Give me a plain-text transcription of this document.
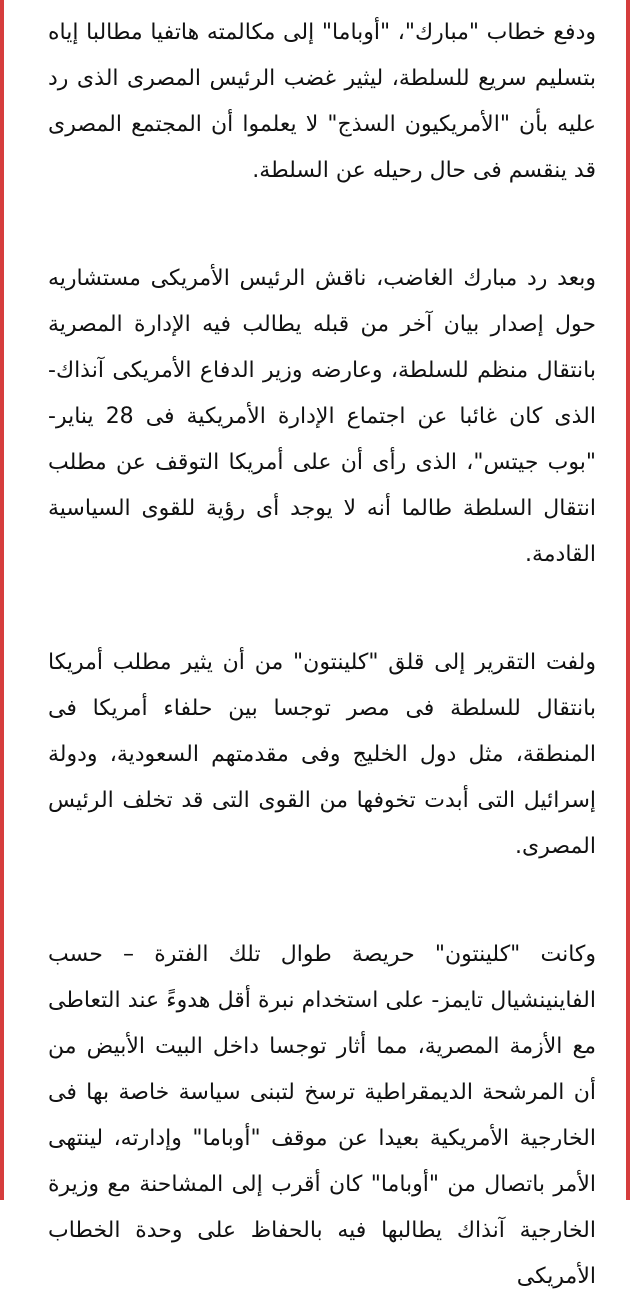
ودفع خطاب "مبارك"، "أوباما" إلى مكالمته هاتفيا مطالبا إياه بتسليم سريع للسلطة، ليثير غضب الرئيس المصرى الذى رد عليه بأن "الأمريكيون السذج" لا يعلموا أن المجتمع المصرى قد ينقسم فى حال رحيله عن السلطة.

وبعد رد مبارك الغاضب، ناقش الرئيس الأمريكى مستشاريه حول إصدار بيان آخر من قبله يطالب فيه الإدارة المصرية بانتقال منظم للسلطة، وعارضه وزير الدفاع الأمريكى آنذاك- الذى كان غائبا عن اجتماع الإدارة الأمريكية فى 28 يناير- "بوب جيتس"، الذى رأى أن على أمريكا التوقف عن مطلب انتقال السلطة طالما أنه لا يوجد أى رؤية للقوى السياسية القادمة.

ولفت التقرير إلى قلق "كلينتون" من أن يثير مطلب أمريكا بانتقال للسلطة فى مصر توجسا بين حلفاء أمريكا فى المنطقة، مثل دول الخليج وفى مقدمتهم السعودية، ودولة إسرائيل التى أبدت تخوفها من القوى التى قد تخلف الرئيس المصرى.

وكانت "كلينتون" حريصة طوال تلك الفترة – حسب الفاينينشيال تايمز- على استخدام نبرة أقل هدوءً عند التعاطى مع الأزمة المصرية، مما أثار توجسا داخل البيت الأبيض من أن المرشحة الديمقراطية ترسخ لتبنى سياسة خاصة بها فى الخارجية الأمريكية بعيدا عن موقف "أوباما" وإدارته، لينتهى الأمر باتصال من "أوباما" كان أقرب إلى المشاحنة مع وزيرة الخارجية آنذاك يطالبها فيه بالحفاظ على وحدة الخطاب الأمريكى
